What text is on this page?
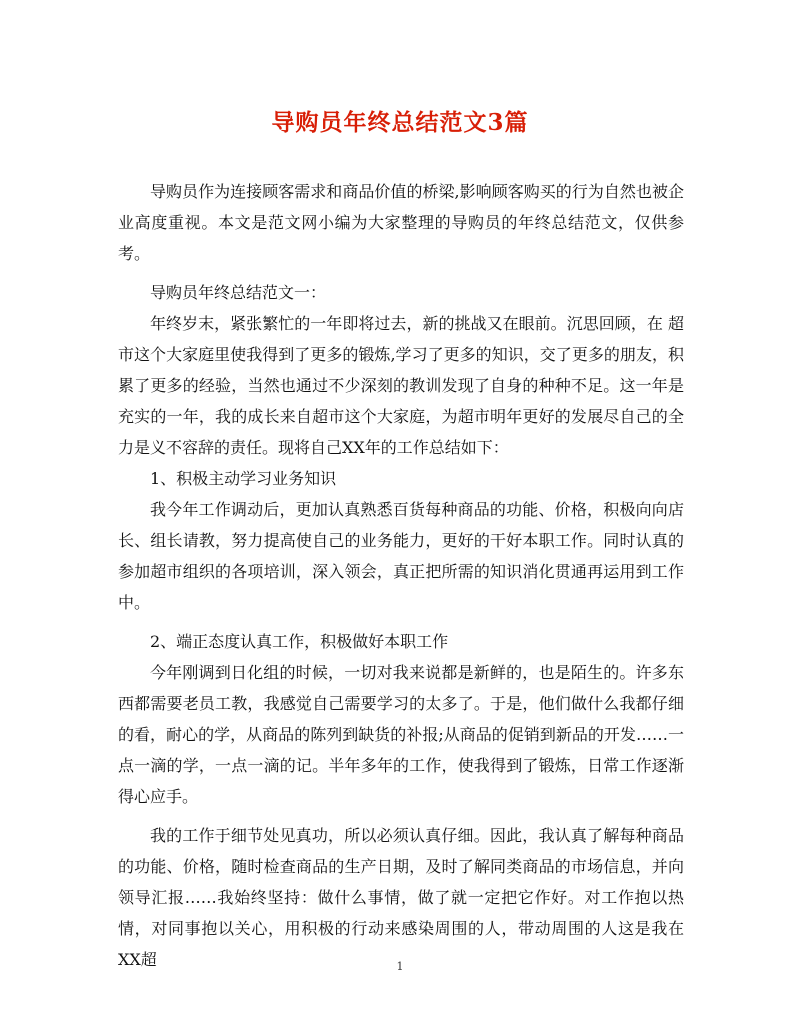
导购员年终总结范文3篇

导购员作为连接顾客需求和商品价值的桥梁,影响顾客购买的行为自然也被企业高度重视。本文是范文网小编为大家整理的导购员的年终总结范文，仅供参考。

导购员年终总结范文一：

年终岁末，紧张繁忙的一年即将过去，新的挑战又在眼前。沉思回顾，在 超市这个大家庭里使我得到了更多的锻炼,学习了更多的知识，交了更多的朋友，积累了更多的经验，当然也通过不少深刻的教训发现了自身的种种不足。这一年是充实的一年，我的成长来自超市这个大家庭，为超市明年更好的发展尽自己的全力是义不容辞的责任。现将自己XX年的工作总结如下：

1、积极主动学习业务知识

我今年工作调动后，更加认真熟悉百货每种商品的功能、价格，积极向向店长、组长请教，努力提高使自己的业务能力，更好的干好本职工作。同时认真的参加超市组织的各项培训，深入领会，真正把所需的知识消化贯通再运用到工作中。

2、端正态度认真工作，积极做好本职工作

今年刚调到日化组的时候，一切对我来说都是新鲜的，也是陌生的。许多东西都需要老员工教，我感觉自己需要学习的太多了。于是，他们做什么我都仔细的看，耐心的学，从商品的陈列到缺货的补报;从商品的促销到新品的开发……一点一滴的学，一点一滴的记。半年多年的工作，使我得到了锻炼，日常工作逐渐得心应手。

我的工作于细节处见真功，所以必须认真仔细。因此，我认真了解每种商品的功能、价格，随时检查商品的生产日期，及时了解同类商品的市场信息，并向领导汇报……我始终坚持：做什么事情，做了就一定把它作好。对工作抱以热情，对同事抱以关心，用积极的行动来感染周围的人，带动周围的人这是我在XX超	1
